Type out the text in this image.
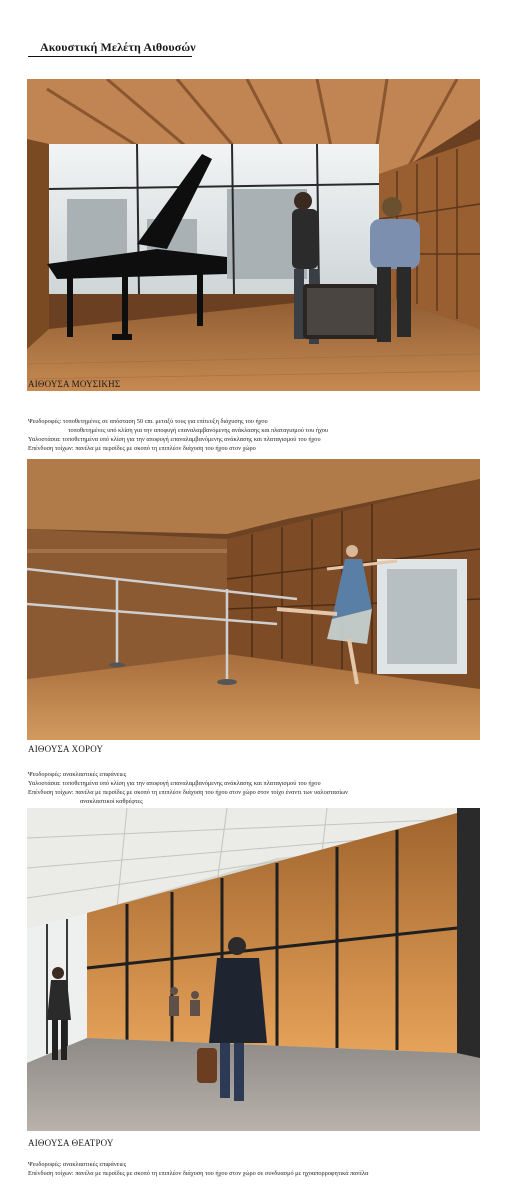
Ακουστική Μελέτη Αιθουσών
ΑΙΘΟΥΣΑ ΜΟΥΣΙΚΗΣ
Ψευδοροφές: τοποθετημένες σε απόσταση 50 cm. μεταξύ τους για επίτευξη διάχυσης του ήχου
τοποθετημένες υπό κλίση για την αποφυγή επαναλαμβανόμενης ανάκλασης και πλαταγισμού του ήχου
Υαλοστάσια: τοποθετημένα υπό κλίση για την αποφυγή επαναλαμβανόμενης ανάκλασης και πλαταγισμού του ήχου
Επένδυση τοίχων: πανέλα με περσίδες με σκοπό τη επιπλέον διάχυση του ήχου στον χώρο
ΑΙΘΟΥΣΑ ΧΟΡΟΥ
Ψευδοροφές: ανακλαστικές επιφάνειες
Υαλοστάσια: τοποθετημένα υπό κλίση για την αποφυγή επαναλαμβανόμενης ανάκλασης και πλαταγισμού του ήχου
Επένδυση τοίχων: πανέλα με περσίδες με σκοπό τη επιπλέον διάχυση του ήχου στον χώρο στον τοίχο έναντι των υαλοστασίων
ανακλαστικοί καθρέφτες
ΑΙΘΟΥΣΑ ΘΕΑΤΡΟΥ
Ψευδοροφές: ανακλαστικές επιφάνειες
Επένδυση τοίχων: πανέλα με περσίδες με σκοπό τη επιπλέον διάχυση του ήχου στον χώρο σε συνδυασμό με ηχοαπορροφητικά πανέλα
